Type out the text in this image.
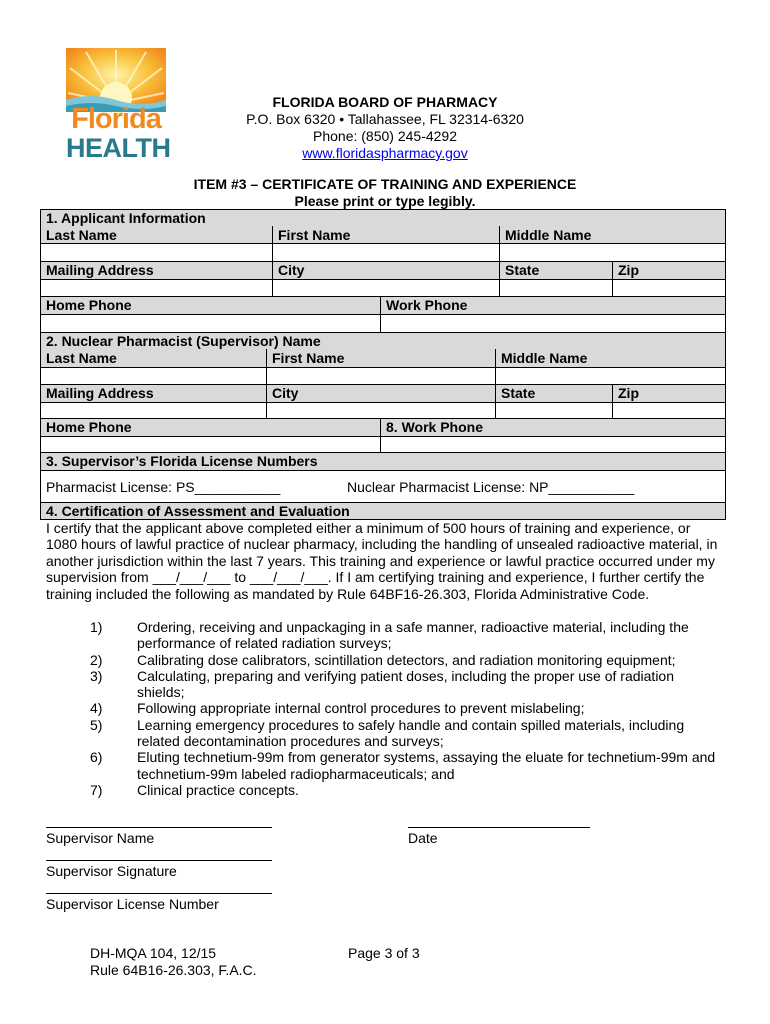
Florida
HEALTH
FLORIDA BOARD OF PHARMACY
P.O. Box 6320 • Tallahassee, FL 32314-6320
Phone: (850) 245-4292
www.floridaspharmacy.gov
ITEM #3 – CERTIFICATE OF TRAINING AND EXPERIENCE
Please print or type legibly.
1. Applicant Information
Last Name	First Name	Middle Name
Mailing Address	City	State	Zip
Home Phone	Work Phone
2. Nuclear Pharmacist (Supervisor) Name
Last Name	First Name	Middle Name
Mailing Address	City	State	Zip
Home Phone	8. Work Phone
3. Supervisor’s Florida License Numbers
Pharmacist License: PS___________	Nuclear Pharmacist License: NP___________
4. Certification of Assessment and Evaluation
I certify that the applicant above completed either a minimum of 500 hours of training and experience, or 1080 hours of lawful practice of nuclear pharmacy, including the handling of unsealed radioactive material, in another jurisdiction within the last 7 years. This training and experience or lawful practice occurred under my supervision from ___/___/___ to ___/___/___. If I am certifying training and experience, I further certify the training included the following as mandated by Rule 64BF16-26.303, Florida Administrative Code.
1) Ordering, receiving and unpackaging in a safe manner, radioactive material, including the performance of related radiation surveys;
2) Calibrating dose calibrators, scintillation detectors, and radiation monitoring equipment;
3) Calculating, preparing and verifying patient doses, including the proper use of radiation shields;
4) Following appropriate internal control procedures to prevent mislabeling;
5) Learning emergency procedures to safely handle and contain spilled materials, including related decontamination procedures and surveys;
6) Eluting technetium-99m from generator systems, assaying the eluate for technetium-99m and technetium-99m labeled radiopharmaceuticals; and
7) Clinical practice concepts.
Supervisor Name	Date
Supervisor Signature
Supervisor License Number
DH-MQA 104, 12/15
Rule 64B16-26.303, F.A.C.
Page 3 of 3
